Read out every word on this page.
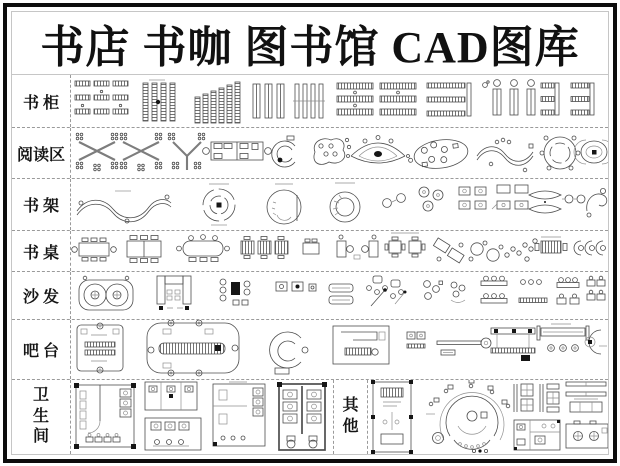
书店 书咖 图书馆 CAD图库
书 柜
阅读区
书 架
书 桌
沙 发
吧 台
卫生间
其他
